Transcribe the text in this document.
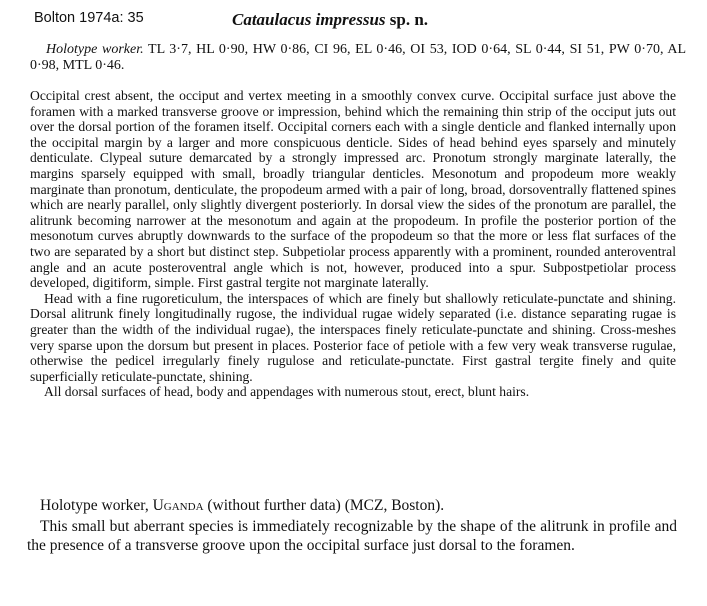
Bolton 1974a: 35	Cataulacus impressus sp. n.
Holotype worker. TL 3·7, HL 0·90, HW 0·86, CI 96, EL 0·46, OI 53, IOD 0·64, SL 0·44, SI 51, PW 0·70, AL 0·98, MTL 0·46.

Occipital crest absent, the occiput and vertex meeting in a smoothly convex curve. Occipital surface just above the foramen with a marked transverse groove or impression, behind which the remaining thin strip of the occiput juts out over the dorsal portion of the foramen itself. Occipital corners each with a single denticle and flanked internally upon the occipital margin by a larger and more conspicuous denticle. Sides of head behind eyes sparsely and minutely denticulate. Clypeal suture demarcated by a strongly impressed arc. Pronotum strongly marginate laterally, the margins sparsely equipped with small, broadly triangular denticles. Mesonotum and propodeum more weakly marginate than pronotum, denticulate, the propodeum armed with a pair of long, broad, dorsoventrally flattened spines which are nearly parallel, only slightly divergent posteriorly. In dorsal view the sides of the pronotum are parallel, the alitrunk becoming narrower at the mesonotum and again at the propodeum. In profile the posterior portion of the mesonotum curves abruptly downwards to the surface of the propodeum so that the more or less flat surfaces of the two are separated by a short but distinct step. Subpetiolar process apparently with a prominent, rounded anteroventral angle and an acute posteroventral angle which is not, however, produced into a spur. Subpostpetiolar process developed, digitiform, simple. First gastral tergite not marginate laterally.

Head with a fine rugoreticulum, the interspaces of which are finely but shallowly reticulate-punctate and shining. Dorsal alitrunk finely longitudinally rugose, the individual rugae widely separated (i.e. distance separating rugae is greater than the width of the individual rugae), the interspaces finely reticulate-punctate and shining. Cross-meshes very sparse upon the dorsum but present in places. Posterior face of petiole with a few very weak transverse rugulae, otherwise the pedicel irregularly finely rugulose and reticulate-punctate. First gastral tergite finely and quite superficially reticulate-punctate, shining.

All dorsal surfaces of head, body and appendages with numerous stout, erect, blunt hairs.

Holotype worker, Uganda (without further data) (MCZ, Boston).
This small but aberrant species is immediately recognizable by the shape of the alitrunk in profile and the presence of a transverse groove upon the occipital surface just dorsal to the foramen.
